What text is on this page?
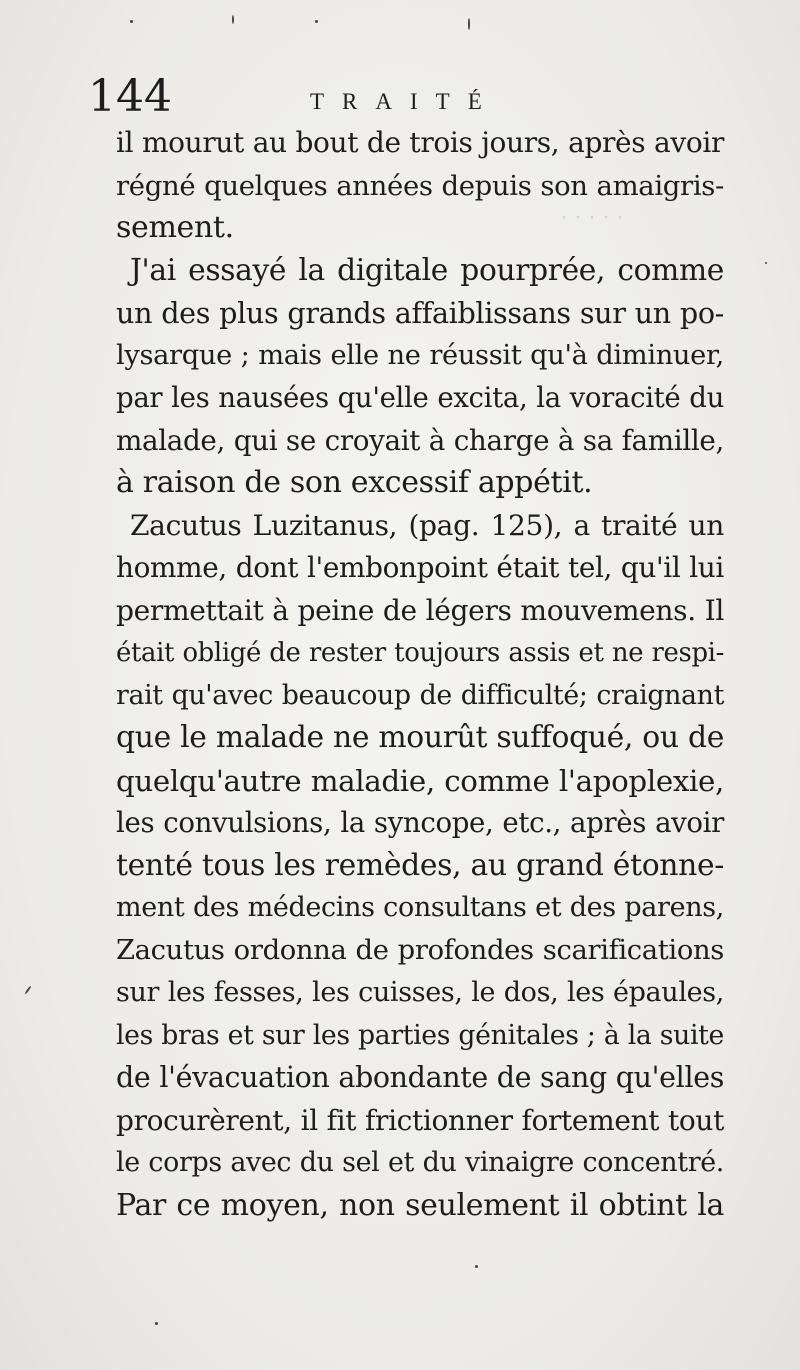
· · · · ·
144	TRAITÉ
il mourut au bout de trois jours, après avoir
régné quelques années depuis son amaigris-
sement.
J'ai essayé la digitale pourprée, comme
un des plus grands affaiblissans sur un po-
lysarque ; mais elle ne réussit qu'à diminuer,
par les nausées qu'elle excita, la voracité du
malade, qui se croyait à charge à sa famille,
à raison de son excessif appétit.
Zacutus Luzitanus, (pag. 125), a traité un
homme, dont l'embonpoint était tel, qu'il lui
permettait à peine de légers mouvemens. Il
était obligé de rester toujours assis et ne respi-
rait qu'avec beaucoup de difficulté; craignant
que le malade ne mourût suffoqué, ou de
quelqu'autre maladie, comme l'apoplexie,
les convulsions, la syncope, etc., après avoir
tenté tous les remèdes, au grand étonne-
ment des médecins consultans et des parens,
Zacutus ordonna de profondes scarifications
sur les fesses, les cuisses, le dos, les épaules,
les bras et sur les parties génitales ; à la suite
de l'évacuation abondante de sang qu'elles
procurèrent, il fit frictionner fortement tout
le corps avec du sel et du vinaigre concentré.
Par ce moyen, non seulement il obtint la
